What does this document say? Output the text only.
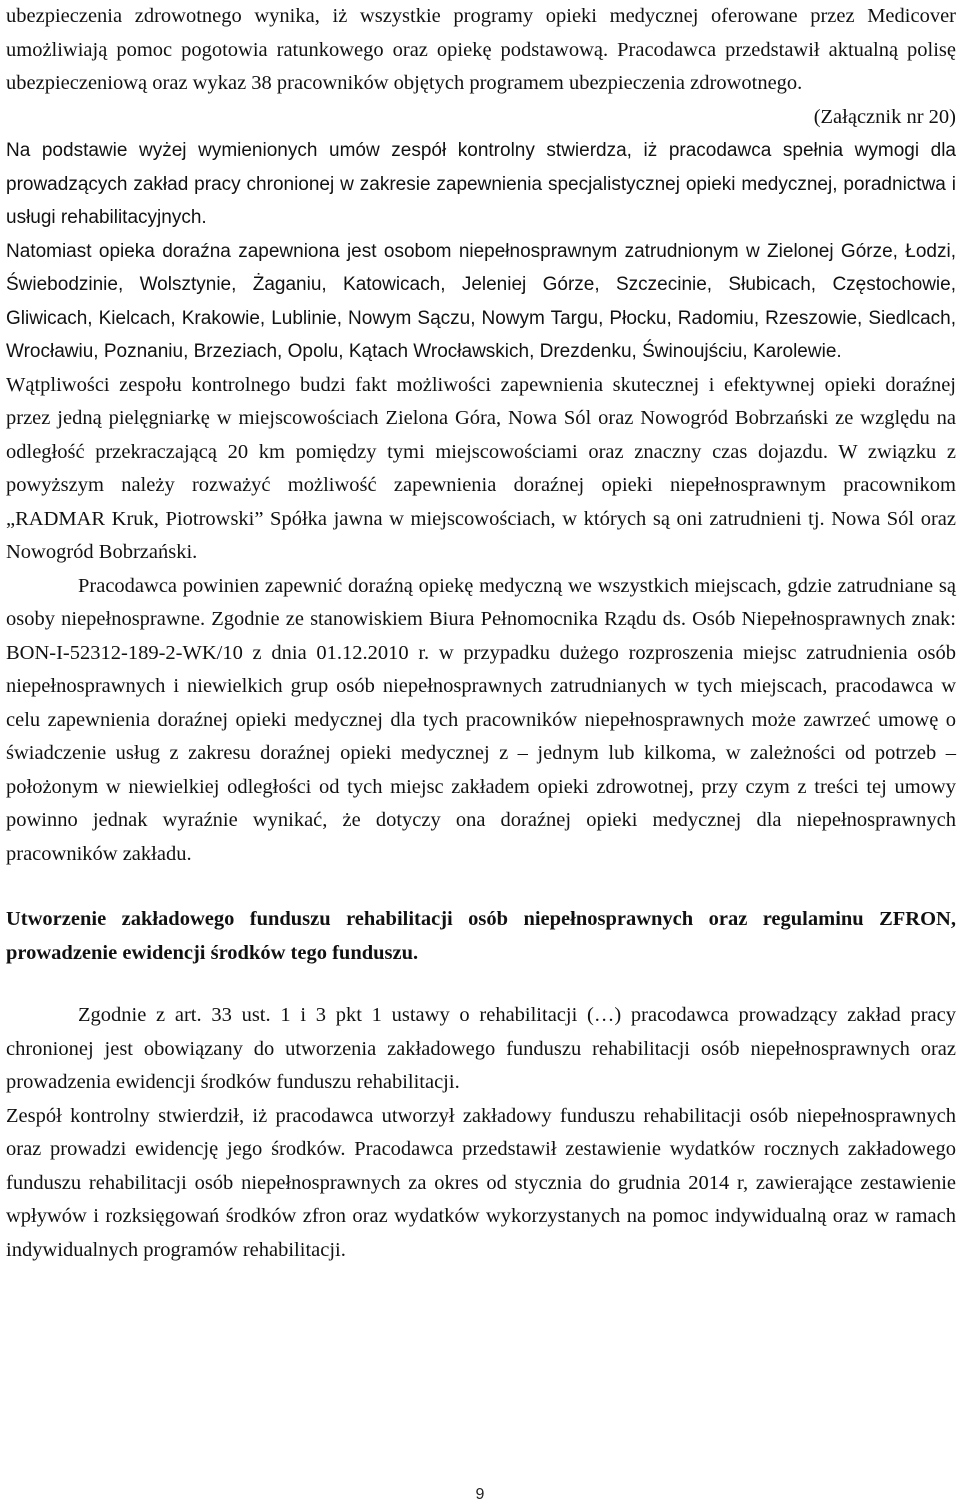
ubezpieczenia zdrowotnego wynika, iż wszystkie programy opieki medycznej oferowane przez Medicover umożliwiają pomoc pogotowia ratunkowego oraz opiekę podstawową. Pracodawca przedstawił aktualną polisę ubezpieczeniową oraz wykaz 38 pracowników objętych programem ubezpieczenia zdrowotnego.

(Załącznik nr 20)

Na podstawie wyżej wymienionych umów zespół kontrolny stwierdza, iż pracodawca spełnia wymogi dla prowadzących zakład pracy chronionej w zakresie zapewnienia specjalistycznej opieki medycznej, poradnictwa i usługi rehabilitacyjnych.

Natomiast opieka doraźna zapewniona jest osobom niepełnosprawnym zatrudnionym w Zielonej Górze, Łodzi, Świebodzinie, Wolsztynie, Żaganiu, Katowicach, Jeleniej Górze, Szczecinie, Słubicach, Częstochowie, Gliwicach, Kielcach, Krakowie, Lublinie, Nowym Sączu, Nowym Targu, Płocku, Radomiu, Rzeszowie, Siedlcach, Wrocławiu, Poznaniu, Brzeziach, Opolu, Kątach Wrocławskich, Drezdenku, Świnoujściu, Karolewie.

Wątpliwości zespołu kontrolnego budzi fakt możliwości zapewnienia skutecznej i efektywnej opieki doraźnej przez jedną pielęgniarkę w miejscowościach Zielona Góra, Nowa Sól oraz Nowogród Bobrzański ze względu na odległość przekraczającą 20 km pomiędzy tymi miejscowościami oraz znaczny czas dojazdu. W związku z powyższym należy rozważyć możliwość zapewnienia doraźnej opieki niepełnosprawnym pracownikom „RADMAR Kruk, Piotrowski” Spółka jawna w miejscowościach, w których są oni zatrudnieni tj. Nowa Sól oraz Nowogród Bobrzański.

Pracodawca powinien zapewnić doraźną opiekę medyczną we wszystkich miejscach, gdzie zatrudniane są osoby niepełnosprawne. Zgodnie ze stanowiskiem Biura Pełnomocnika Rządu ds. Osób Niepełnosprawnych znak: BON-I-52312-189-2-WK/10 z dnia 01.12.2010 r. w przypadku dużego rozproszenia miejsc zatrudnienia osób niepełnosprawnych i niewielkich grup osób niepełnosprawnych zatrudnianych w tych miejscach, pracodawca w celu zapewnienia doraźnej opieki medycznej dla tych pracowników niepełnosprawnych może zawrzeć umowę o świadczenie usług z zakresu doraźnej opieki medycznej z – jednym lub kilkoma, w zależności od potrzeb – położonym w niewielkiej odległości od tych miejsc zakładem opieki zdrowotnej, przy czym z treści tej umowy powinno jednak wyraźnie wynikać, że dotyczy ona doraźnej opieki medycznej dla niepełnosprawnych pracowników zakładu.

Utworzenie zakładowego funduszu rehabilitacji osób niepełnosprawnych oraz regulaminu ZFRON, prowadzenie ewidencji środków tego funduszu.

Zgodnie z art. 33 ust. 1 i 3 pkt 1 ustawy o rehabilitacji (…) pracodawca prowadzący zakład pracy chronionej jest obowiązany do utworzenia zakładowego funduszu rehabilitacji osób niepełnosprawnych oraz prowadzenia ewidencji środków funduszu rehabilitacji.

Zespół kontrolny stwierdził, iż pracodawca utworzył zakładowy funduszu rehabilitacji osób niepełnosprawnych oraz prowadzi ewidencję jego środków. Pracodawca przedstawił zestawienie wydatków rocznych zakładowego funduszu rehabilitacji osób niepełnosprawnych za okres od stycznia do grudnia 2014 r, zawierające zestawienie wpływów i rozksięgowań środków zfron oraz wydatków wykorzystanych na pomoc indywidualną oraz w ramach indywidualnych programów rehabilitacji.

9
